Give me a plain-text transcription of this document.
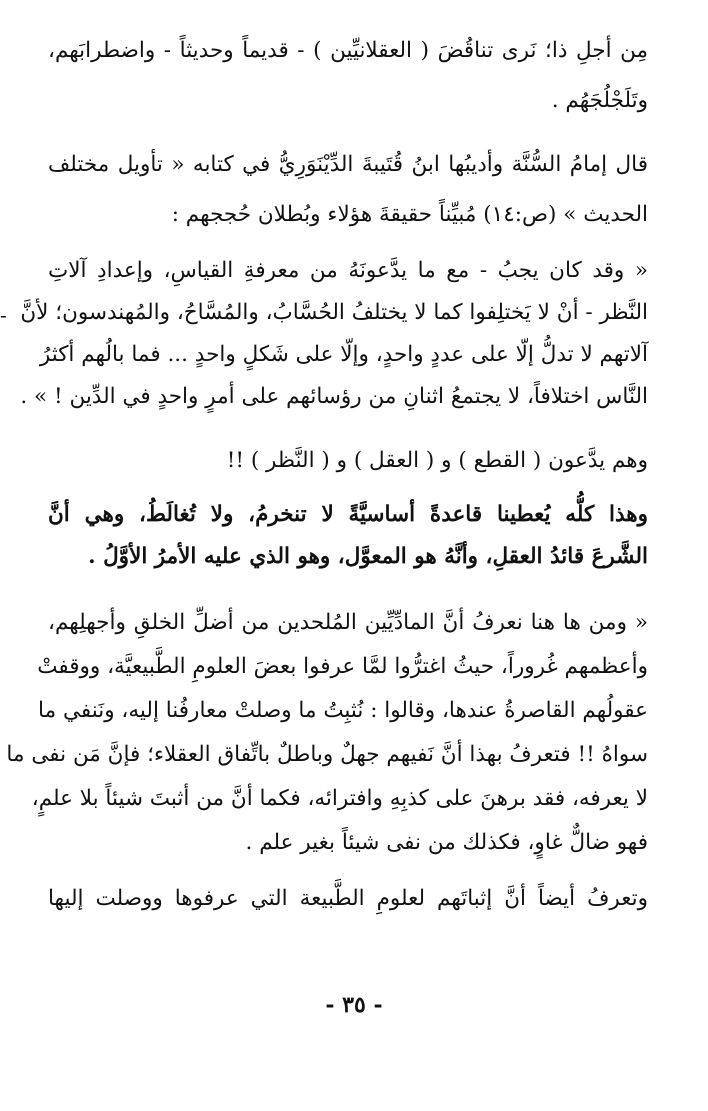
مِن أجلِ ذا؛ نَرى تناقُضَ ( العقلانيِّين ) - قديماً وحديثاً - واضطرابَهم،
وتَلَجْلُجَهُم .
قال إمامُ السُّنَّة وأديبُها ابنُ قُتَيبةَ الدِّيْنَوَرِيُّ في كتابه « تأويل مختلف
الحديث » (ص:١٤) مُبيِّناً حقيقةَ هؤلاء وبُطلان حُججهم :
« وقد كان يجبُ - مع ما يدَّعونَهُ من معرفةِ القياسِ، وإعدادِ آلاتِ
النَّظر - أنْ لا يَختلِفوا كما لا يختلفُ الحُسَّابُ، والمُسَّاحُ، والمُهندسون؛ لأنَّ
آلاتهم لا تدلُّ إلّا على عددٍ واحدٍ، وإلّا على شَكلٍ واحدٍ ... فما بالُهم أكثرُ
النَّاس اختلافاً، لا يجتمعُ اثنانِ من رؤسائهم على أمرٍ واحدٍ في الدِّين ! » .
وهم يدَّعون ( القطع ) و ( العقل ) و ( النَّظر ) !!
وهذا كلُّه يُعطينا قاعدةً أساسيَّةً لا تنخرمُ، ولا تُغالَطُ، وهي أنَّ
الشَّرعَ قائدُ العقلِ، وأنَّهُ هو المعوَّل، وهو الذي عليه الأمرُ الأوَّلُ .
« ومن ها هنا نعرفُ أنَّ المادِّيِّين المُلحدين من أضلِّ الخلقِ وأجهلِهم،
وأعظمهم غُروراً، حيثُ اغترُّوا لمَّا عرفوا بعضَ العلومِ الطَّبيعيَّة، ووقفتْ
عقولُهم القاصرةُ عندها، وقالوا : نُثبِتُ ما وصلتْ معارفُنا إليه، ونَنفي ما
سواهُ !! فتعرفُ بهذا أنَّ نَفيهم جهلٌ وباطلٌ باتِّفاق العقلاء؛ فإنَّ مَن نفى ما
لا يعرفه، فقد برهنَ على كذبِهِ وافترائه، فكما أنَّ من أثبتَ شيئاً بلا علمٍ،
فهو ضالٌّ غاوٍ، فكذلك من نفى شيئاً بغير علم .
وتعرفُ أيضاً أنَّ إثباتَهم لعلومِ الطَّبيعة التي عرفوها ووصلت إليها
-
- ٣٥ -
